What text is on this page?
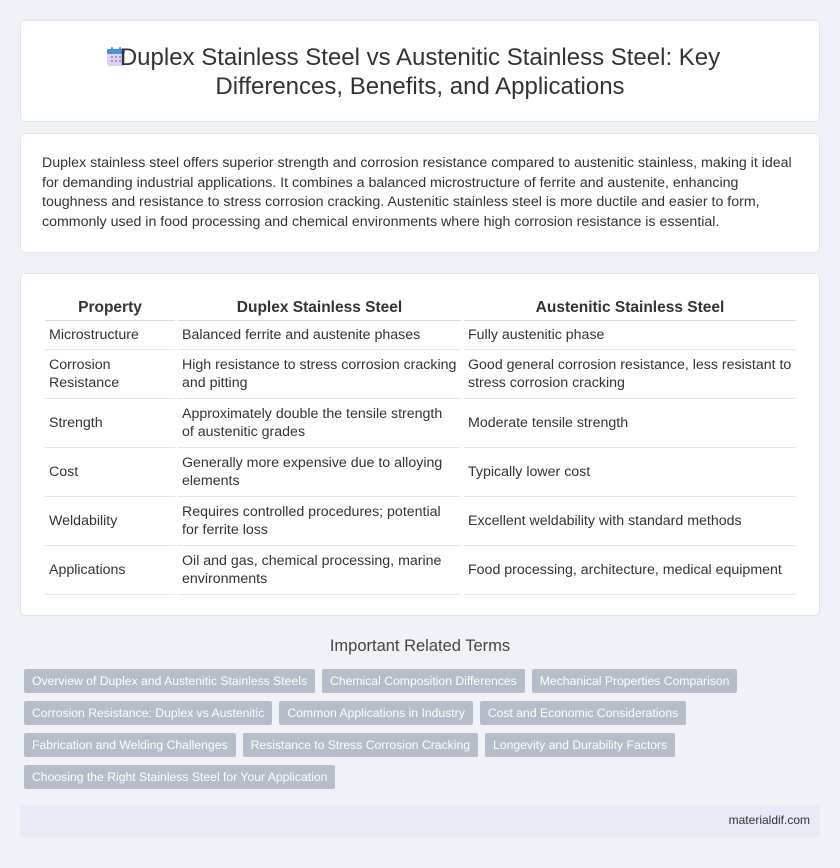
Duplex Stainless Steel vs Austenitic Stainless Steel: Key Differences, Benefits, and Applications

Duplex stainless steel offers superior strength and corrosion resistance compared to austenitic stainless, making it ideal for demanding industrial applications. It combines a balanced microstructure of ferrite and austenite, enhancing toughness and resistance to stress corrosion cracking. Austenitic stainless steel is more ductile and easier to form, commonly used in food processing and chemical environments where high corrosion resistance is essential.

Property	Duplex Stainless Steel	Austenitic Stainless Steel
Microstructure	Balanced ferrite and austenite phases	Fully austenitic phase
Corrosion Resistance	High resistance to stress corrosion cracking and pitting	Good general corrosion resistance, less resistant to stress corrosion cracking
Strength	Approximately double the tensile strength of austenitic grades	Moderate tensile strength
Cost	Generally more expensive due to alloying elements	Typically lower cost
Weldability	Requires controlled procedures; potential for ferrite loss	Excellent weldability with standard methods
Applications	Oil and gas, chemical processing, marine environments	Food processing, architecture, medical equipment
Important Related Terms
Overview of Duplex and Austenitic Stainless Steels	Chemical Composition Differences	Mechanical Properties Comparison
Corrosion Resistance: Duplex vs Austenitic	Common Applications in Industry	Cost and Economic Considerations
Fabrication and Welding Challenges	Resistance to Stress Corrosion Cracking	Longevity and Durability Factors
Choosing the Right Stainless Steel for Your Application
materialdif.com
